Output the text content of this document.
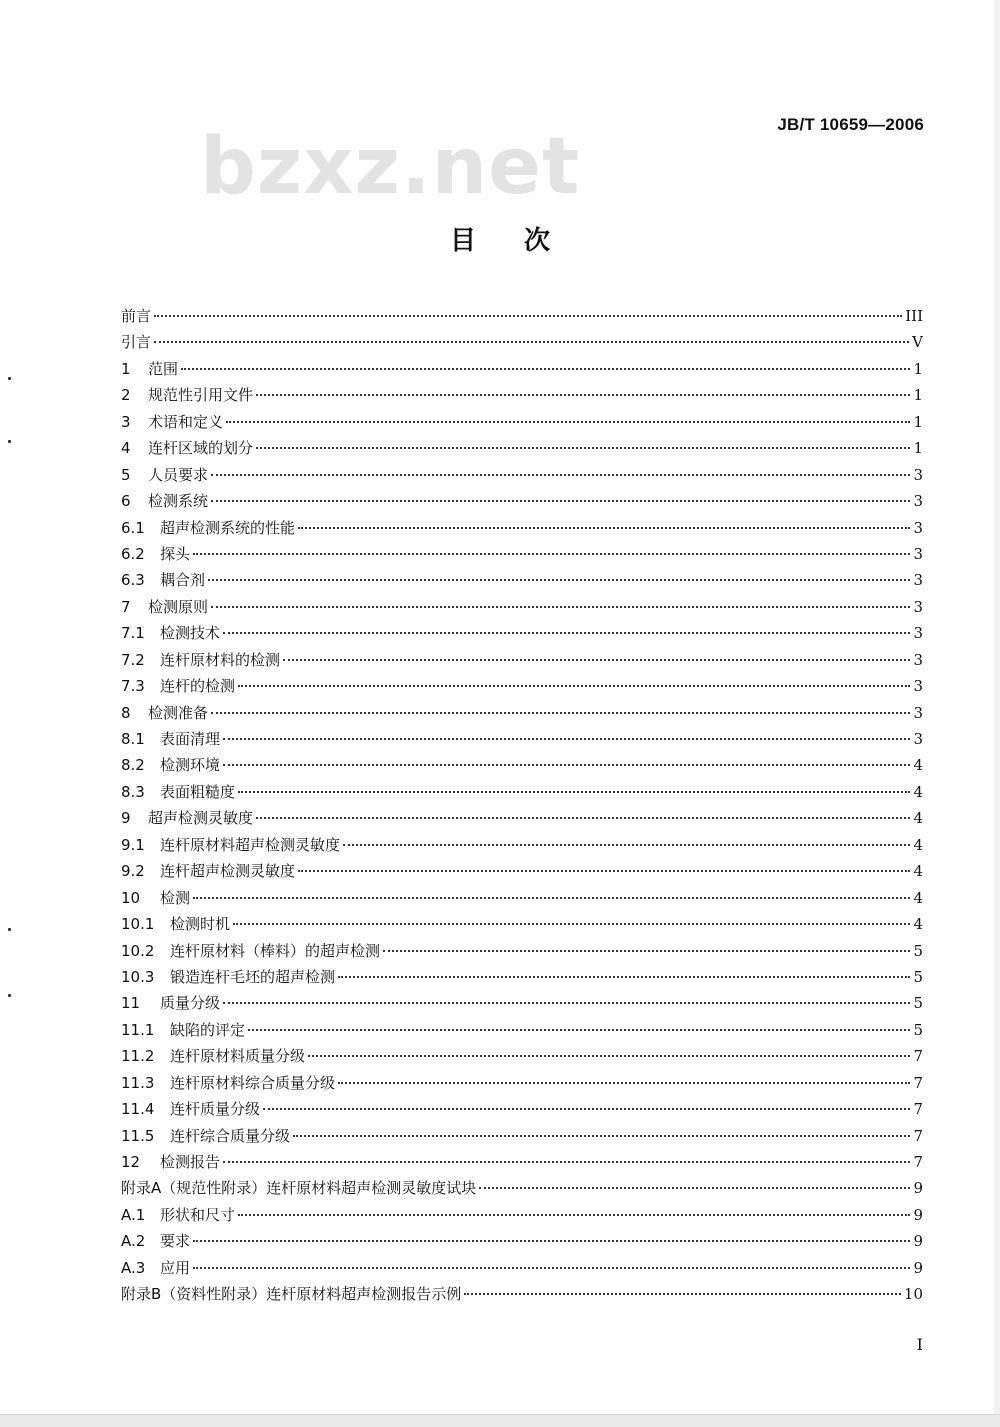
JB/T 10659—2006
bzxz.net
目次
前言	III
引言	V
1	范围	1
2	规范性引用文件	1
3	术语和定义	1
4	连杆区域的划分	1
5	人员要求	3
6	检测系统	3
6.1	超声检测系统的性能	3
6.2	探头	3
6.3	耦合剂	3
7	检测原则	3
7.1	检测技术	3
7.2	连杆原材料的检测	3
7.3	连杆的检测	3
8	检测准备	3
8.1	表面清理	3
8.2	检测环境	4
8.3	表面粗糙度	4
9	超声检测灵敏度	4
9.1	连杆原材料超声检测灵敏度	4
9.2	连杆超声检测灵敏度	4
10	检测	4
10.1	检测时机	4
10.2	连杆原材料（棒料）的超声检测	5
10.3	锻造连杆毛坯的超声检测	5
11	质量分级	5
11.1	缺陷的评定	5
11.2	连杆原材料质量分级	7
11.3	连杆原材料综合质量分级	7
11.4	连杆质量分级	7
11.5	连杆综合质量分级	7
12	检测报告	7
附录A（规范性附录）连杆原材料超声检测灵敏度试块	9
A.1 形状和尺寸	9
A.2 要求	9
A.3 应用	9
附录B（资料性附录）连杆原材料超声检测报告示例	10
I
